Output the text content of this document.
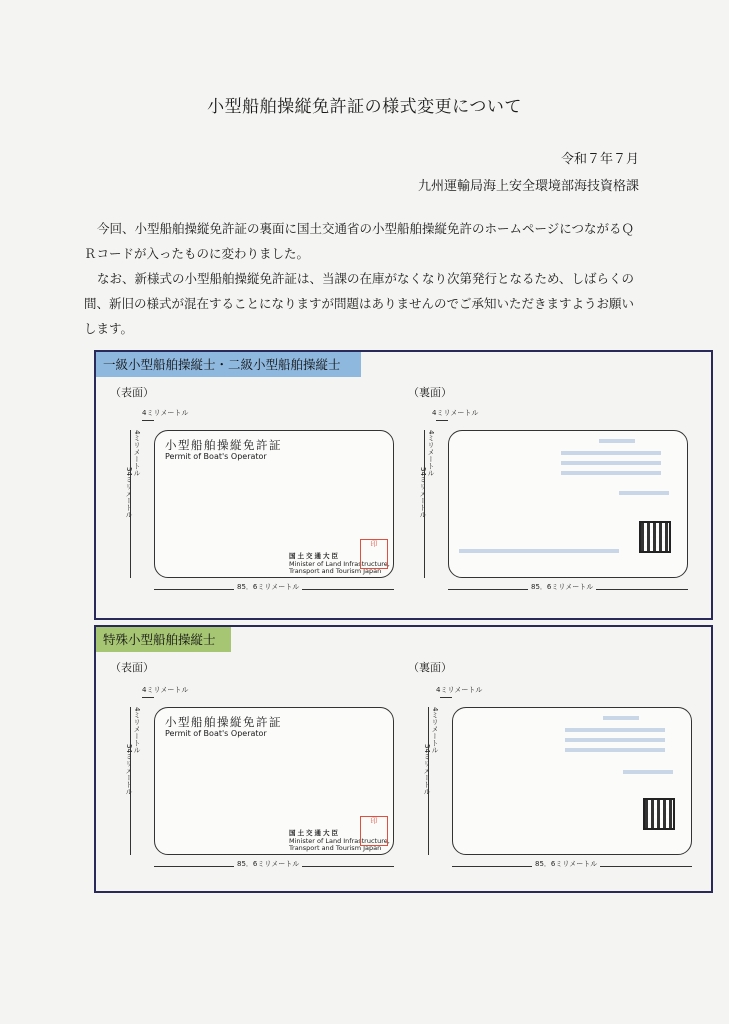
小型船舶操縦免許証の様式変更について
令和７年７月
九州運輸局海上安全環境部海技資格課
今回、小型船舶操縦免許証の裏面に国土交通省の小型船舶操縦免許のホームページにつながるＱＲコードが入ったものに変わりました。
なお、新様式の小型船舶操縦免許証は、当課の在庫がなくなり次第発行となるため、しばらくの間、新旧の様式が混在することになりますが問題はありませんのでご承知いただきますようお願いします。
一級小型船舶操縦士・二級小型船舶操縦士
（表面）	（裏面）
4ミリメートル
4ミリメートル
54ミリメートル
小型船舶操縦免許証
Permit of Boat's Operator
国土交通大臣
Minister of Land Infrastructure,
Transport and Tourism Japan
印
85．6ミリメートル
4ミリメートル
4ミリメートル
54ミリメートル
85．6ミリメートル
特殊小型船舶操縦士
（表面）	（裏面）
4ミリメートル
4ミリメートル
54ミリメートル
小型船舶操縦免許証
Permit of Boat's Operator
国土交通大臣
Minister of Land Infrastructure,
Transport and Tourism Japan
印
85．6ミリメートル
4ミリメートル
4ミリメートル
54ミリメートル
85．6ミリメートル
